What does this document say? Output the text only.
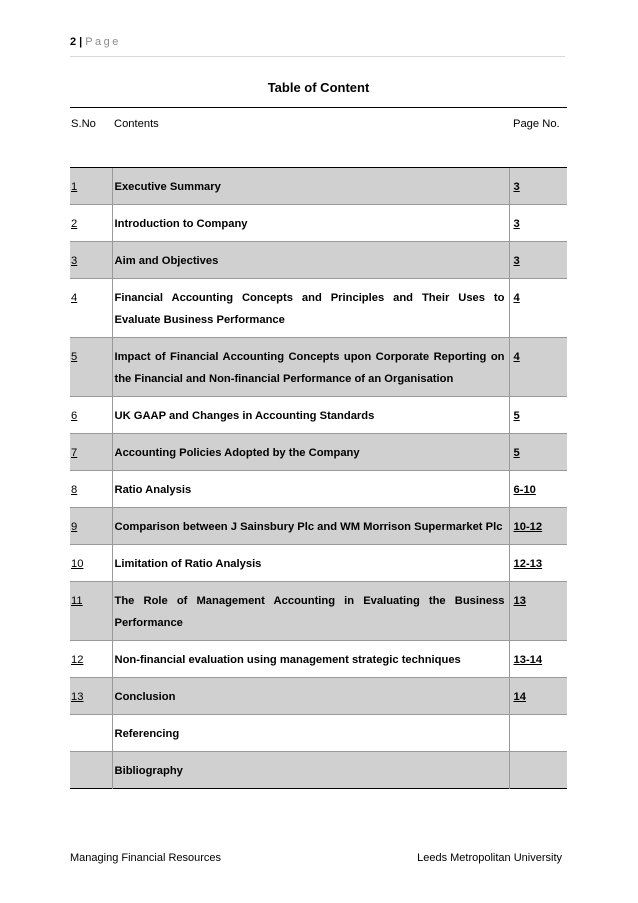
2 | Page
Table of Content
S.No	Contents	Page No.
1	Executive Summary	3
2	Introduction to Company	3
3	Aim and Objectives	3
4	Financial Accounting Concepts and Principles and Their Uses to Evaluate Business Performance	4
5	Impact of Financial Accounting Concepts upon Corporate Reporting on the Financial and Non-financial Performance of an Organisation	4
6	UK GAAP and Changes in Accounting Standards	5
7	Accounting Policies Adopted by the Company	5
8	Ratio Analysis	6-10
9	Comparison between J Sainsbury Plc and WM Morrison Supermarket Plc	10-12
10	Limitation of Ratio Analysis	12-13
11	The Role of Management Accounting in Evaluating the Business Performance	13
12	Non-financial evaluation using management strategic techniques	13-14
13	Conclusion	14
	Referencing	
	Bibliography	
Managing Financial Resources	Leeds Metropolitan University
